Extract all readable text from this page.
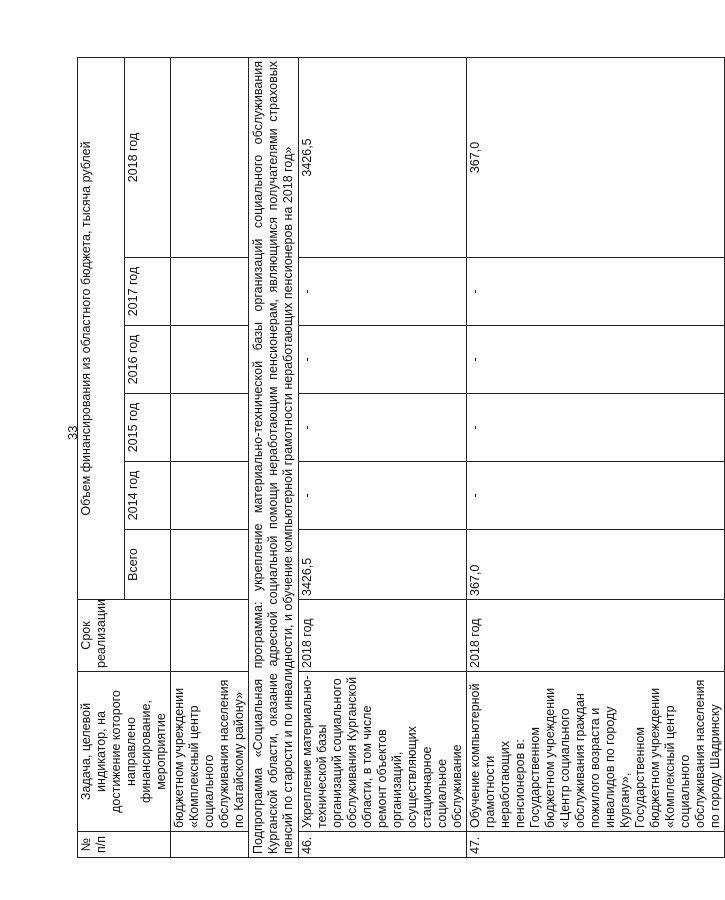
33
№ п/п	Задача, целевой индикатор, на достижение которого направлено финансирование, мероприятие	Срок реализации	Объем финансирования из областного бюджета, тысяча рублей					
			Всего	2014 год	2015 год	2016 год	2017 год	2018 год
	бюджетном учреждении «Комплексный центр социального обслуживания населения по Катайскому району»							
Подпрограмма «Социальная программа: укрепление материально-технической базы организаций социального обслуживания Курганской области, оказание адресной социальной помощи неработающим пенсионерам, являющимся получателями страховых пенсий по старости и по инвалидности, и обучение компьютерной грамотности неработающих пенсионеров на 2018 год»								
46.	Укрепление материально-технической базы организаций социального обслуживания Курганской области, в том числе ремонт объектов организаций, осуществляющих стационарное социальное обслуживание	2018 год	3426,5	-	-	-	-	3426,5
47.	Обучение компьютерной грамотности неработающих пенсионеров в: Государственном бюджетном учреждении «Центр социального обслуживания граждан пожилого возраста и инвалидов по городу Кургану», Государственном бюджетном учреждении «Комплексный центр социального обслуживания населения по городу Шадринску	2018 год	367,0	-	-	-	-	367,0
